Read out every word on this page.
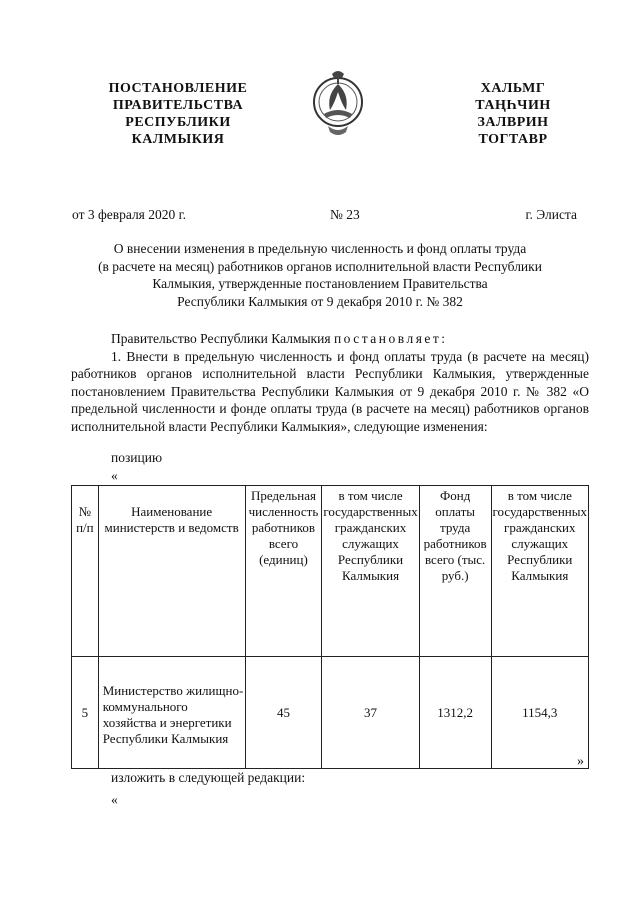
ПОСТАНОВЛЕНИЕ
ПРАВИТЕЛЬСТВА
РЕСПУБЛИКИ
КАЛМЫКИЯ
ХАЛЬМГ
ТАҢҺЧИН
ЗАЛВРИН
ТОГТАВР
от 3 февраля 2020 г.	№ 23	г. Элиста
О внесении изменения в предельную численность и фонд оплаты труда
(в расчете на месяц) работников органов исполнительной власти Республики
Калмыкия, утвержденные постановлением Правительства
Республики Калмыкия от 9 декабря 2010 г. № 382

Правительство Республики Калмыкия постановляет:

1. Внести в предельную численность и фонд оплаты труда (в расчете на месяц) работников органов исполнительной власти Республики Калмыкия, утвержденные постановлением Правительства Республики Калмыкия от 9 декабря 2010 г. № 382 «О предельной численности и фонде оплаты труда (в расчете на месяц) работников органов исполнительной власти Республики Калмыкия», следующие изменения:

позицию
«
№ п/п	Наименование министерств и ведомств	Предельная численность работников всего (единиц)	в том числе государственных гражданских служащих Республики Калмыкия	Фонд оплаты труда работников всего (тыс. руб.)	в том числе государственных гражданских служащих Республики Калмыкия
5	Министерство жилищно-коммунального хозяйства и энергетики Республики Калмыкия	45	37	1312,2	1154,3
»
изложить в следующей редакции:
«
